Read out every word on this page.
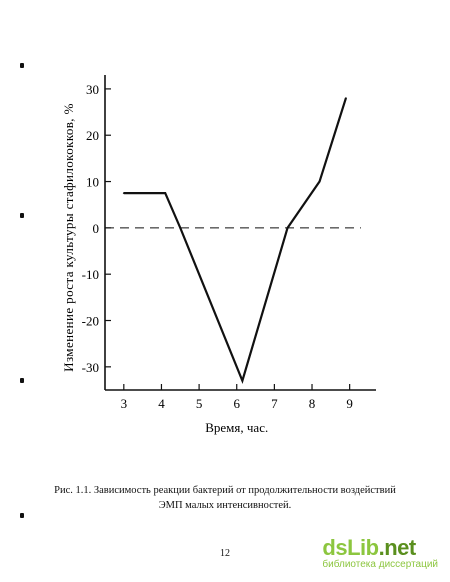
30
20
10
0
-10
-20
-30
3 4 5 6 7 8 9
Изменение роста культуры стафилококков, %
Время, час.
Рис. 1.1. Зависимость реакции бактерий от продолжительности воздействий
ЭМП малых интенсивностей.
12	dsLib.net
библиотека диссертаций
